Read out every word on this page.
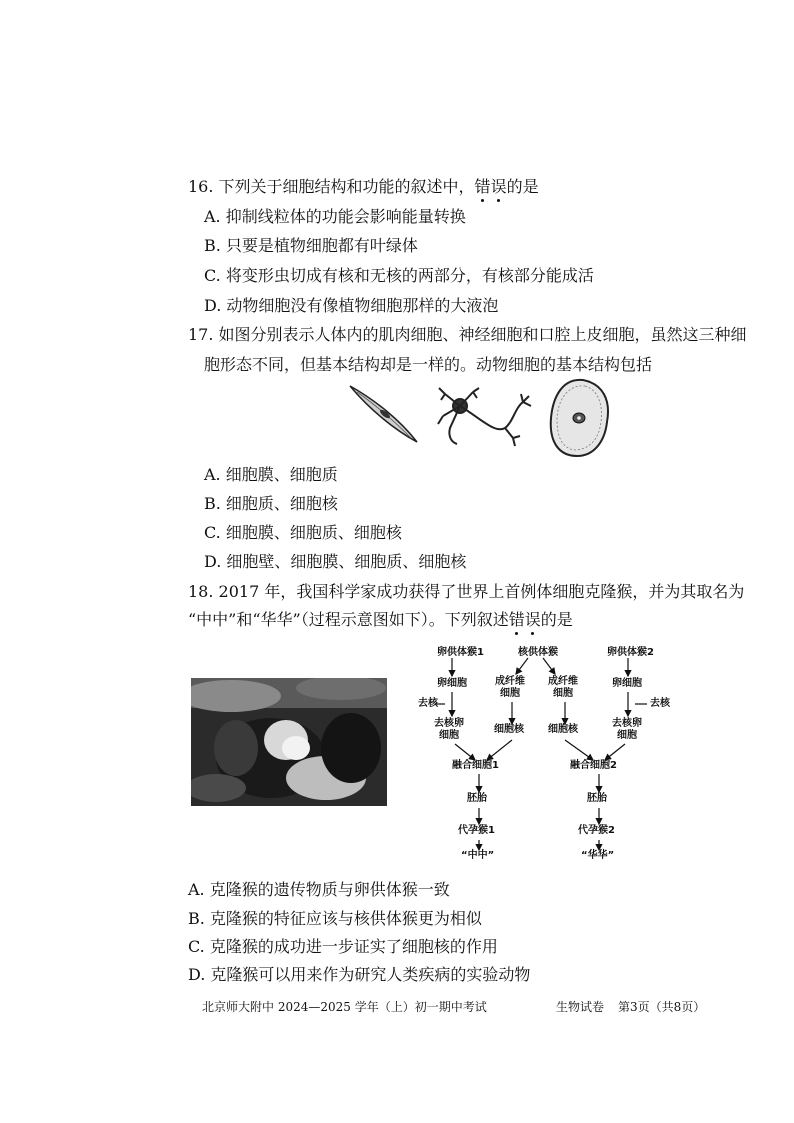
16. 下列关于细胞结构和功能的叙述中，错误的是
A. 抑制线粒体的功能会影响能量转换
B. 只要是植物细胞都有叶绿体
C. 将变形虫切成有核和无核的两部分，有核部分能成活
D. 动物细胞没有像植物细胞那样的大液泡
17. 如图分别表示人体内的肌肉细胞、神经细胞和口腔上皮细胞，虽然这三种细
胞形态不同，但基本结构却是一样的。动物细胞的基本结构包括
A. 细胞膜、细胞质
B. 细胞质、细胞核
C. 细胞膜、细胞质、细胞核
D. 细胞壁、细胞膜、细胞质、细胞核
18. 2017 年，我国科学家成功获得了世界上首例体细胞克隆猴，并为其取名为
“中中”和“华华”（过程示意图如下）。下列叙述错误的是
卵供体猴1	核供体猴	卵供体猴2
卵细胞	成纤维
细胞
成纤维
细胞
卵细胞
去核	去核
去核卵
细胞
细胞核 细胞核
去核卵
细胞
融合细胞1	融合细胞2
胚胎	胚胎
代孕猴1	代孕猴2
“中中”	“华华”
A. 克隆猴的遗传物质与卵供体猴一致
B. 克隆猴的特征应该与核供体猴更为相似
C. 克隆猴的成功进一步证实了细胞核的作用
D. 克隆猴可以用来作为研究人类疾病的实验动物
北京师大附中 2024—2025 学年（上）初一期中考试	生物试卷 第3页（共8页）
